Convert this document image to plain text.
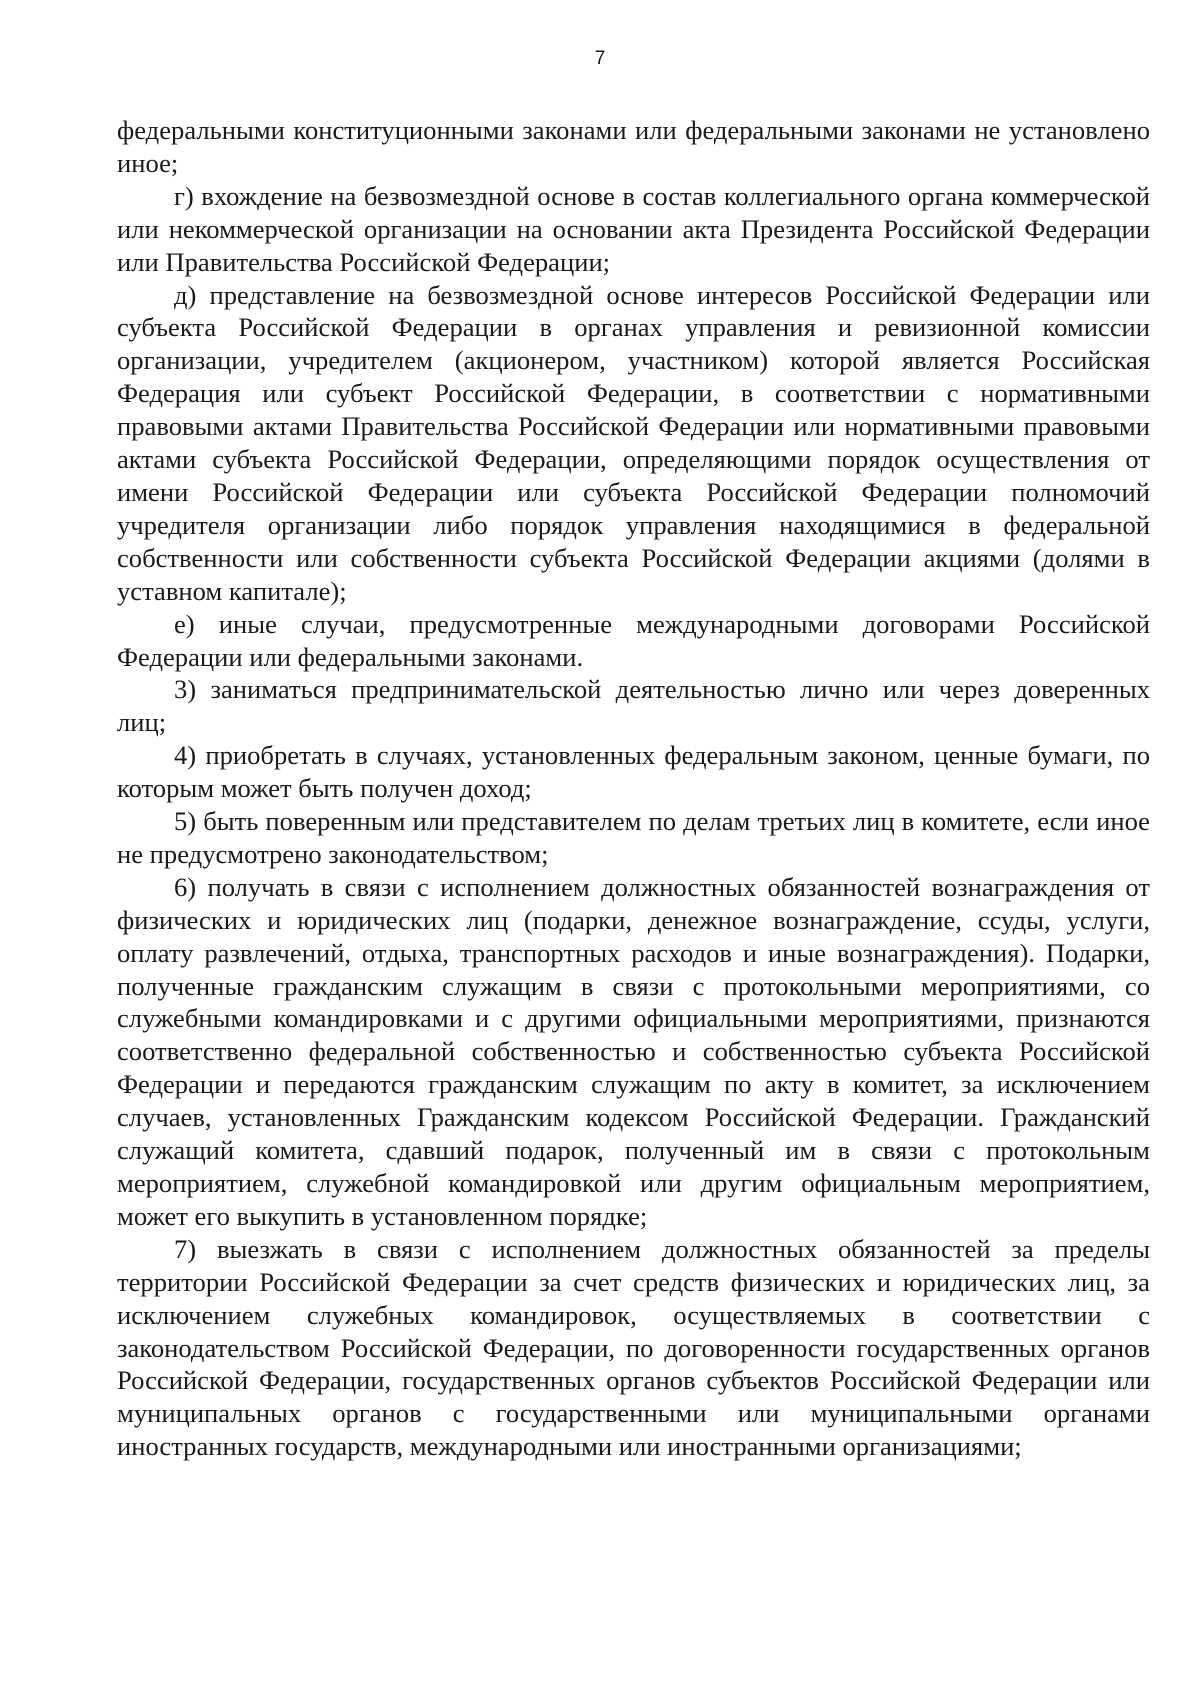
7

федеральными конституционными законами или федеральными законами не установлено иное;

г) вхождение на безвозмездной основе в состав коллегиального органа коммерческой или некоммерческой организации на основании акта Президента Российской Федерации или Правительства Российской Федерации;

д) представление на безвозмездной основе интересов Российской Федерации или субъекта Российской Федерации в органах управления и ревизионной комиссии организации, учредителем (акционером, участником) которой является Российская Федерация или субъект Российской Федерации, в соответствии с нормативными правовыми актами Правительства Российской Федерации или нормативными правовыми актами субъекта Российской Федерации, определяющими порядок осуществления от имени Российской Федерации или субъекта Российской Федерации полномочий учредителя организации либо порядок управления находящимися в федеральной собственности или собственности субъекта Российской Федерации акциями (долями в уставном капитале);

е) иные случаи, предусмотренные международными договорами Российской Федерации или федеральными законами.

3) заниматься предпринимательской деятельностью лично или через доверенных лиц;

4) приобретать в случаях, установленных федеральным законом, ценные бумаги, по которым может быть получен доход;

5) быть поверенным или представителем по делам третьих лиц в комитете, если иное не предусмотрено законодательством;

6) получать в связи с исполнением должностных обязанностей вознаграждения от физических и юридических лиц (подарки, денежное вознаграждение, ссуды, услуги, оплату развлечений, отдыха, транспортных расходов и иные вознаграждения). Подарки, полученные гражданским служащим в связи с протокольными мероприятиями, со служебными командировками и с другими официальными мероприятиями, признаются соответственно федеральной собственностью и собственностью субъекта Российской Федерации и передаются гражданским служащим по акту в комитет, за исключением случаев, установленных Гражданским кодексом Российской Федерации. Гражданский служащий комитета, сдавший подарок, полученный им в связи с протокольным мероприятием, служебной командировкой или другим официальным мероприятием, может его выкупить в установленном порядке;

7) выезжать в связи с исполнением должностных обязанностей за пределы территории Российской Федерации за счет средств физических и юридических лиц, за исключением служебных командировок, осуществляемых в соответствии с законодательством Российской Федерации, по договоренности государственных органов Российской Федерации, государственных органов субъектов Российской Федерации или муниципальных органов с государственными или муниципальными органами иностранных государств, международными или иностранными организациями;
